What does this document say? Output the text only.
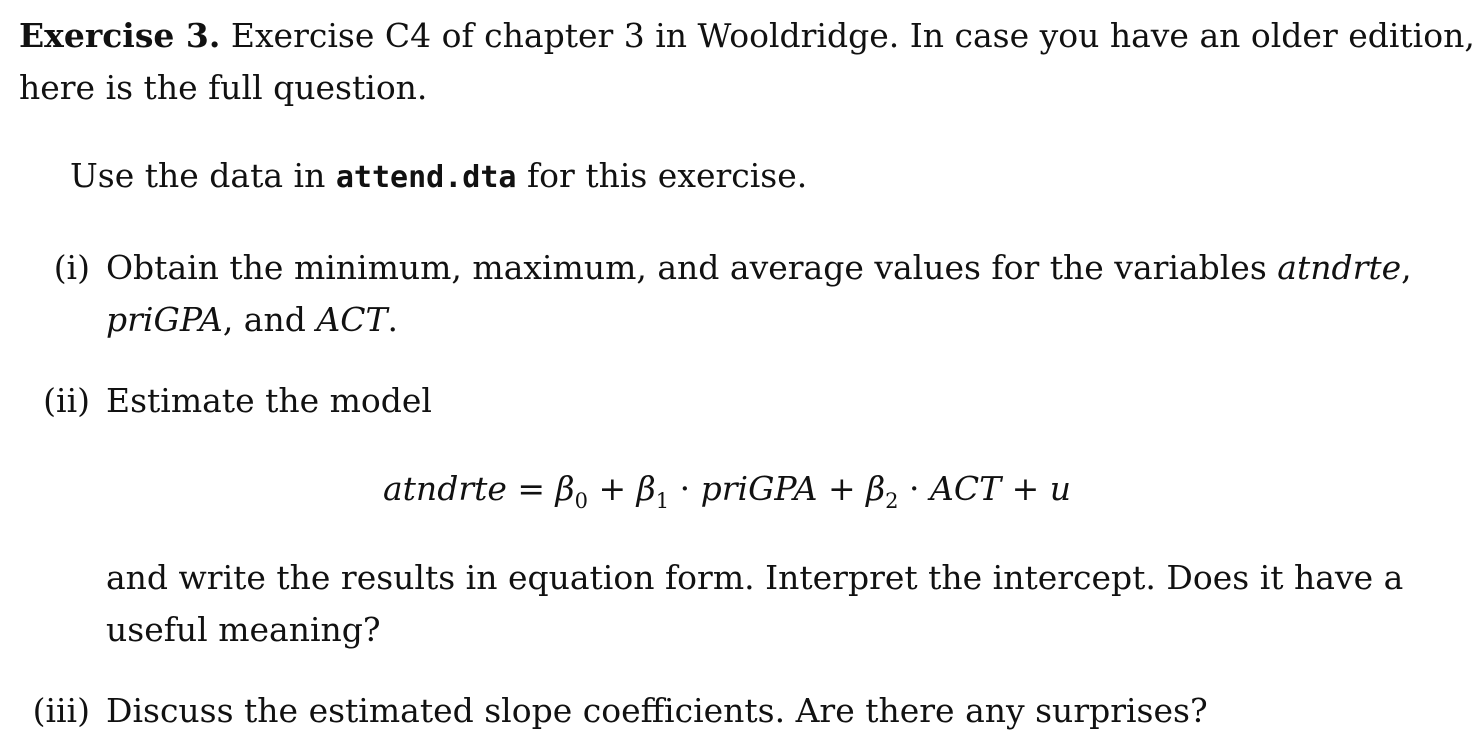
Exercise 3. Exercise C4 of chapter 3 in Wooldridge. In case you have an older edition,
here is the full question.
Use the data in attend.dta for this exercise.
(i) Obtain the minimum, maximum, and average values for the variables atndrte,
priGPA, and ACT.
(ii) Estimate the model
atndrte = $\beta_0 + \beta_1$ · priGPA + $\beta_2$ · ACT + u
and write the results in equation form. Interpret the intercept. Does it have a
useful meaning?
(iii) Discuss the estimated slope coefficients. Are there any surprises?
